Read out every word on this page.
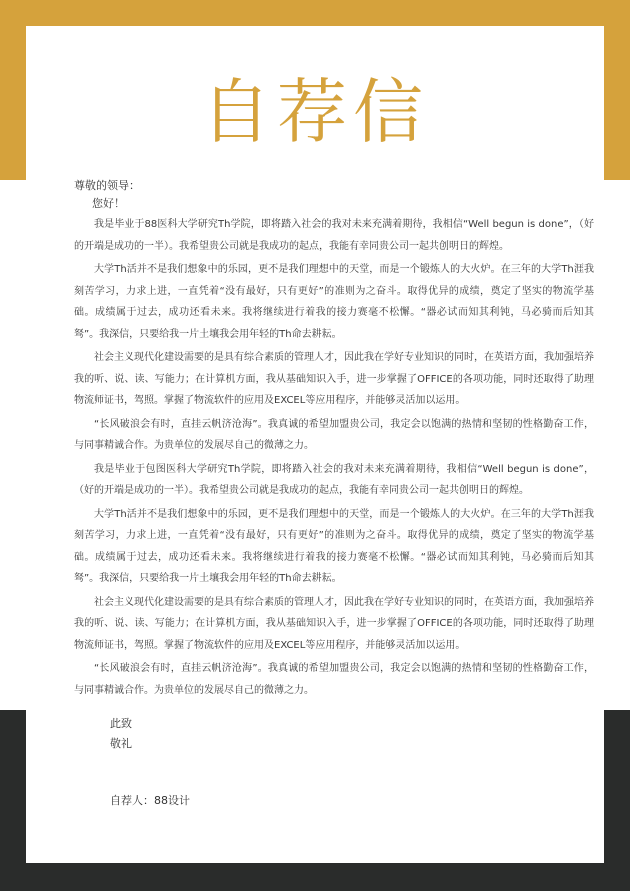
自荐信
尊敬的领导：
您好！

我是毕业于88医科大学研究Th学院，即将踏入社会的我对未来充满着期待，我相信“Well begun is done”，（好的开端是成功的一半）。我希望贵公司就是我成功的起点，我能有幸同贵公司一起共创明日的辉煌。

大学Th活并不是我们想象中的乐园，更不是我们理想中的天堂，而是一个锻炼人的大火炉。在三年的大学Th涯我刻苦学习，力求上进，一直凭着“没有最好，只有更好”的准则为之奋斗。取得优异的成绩，奠定了坚实的物流学基础。成绩属于过去，成功还看未来。我将继续进行着我的接力赛毫不松懈。“器必试而知其利钝，马必骑而后知其驽”。我深信，只要给我一片土壤我会用年轻的Th命去耕耘。

社会主义现代化建设需要的是具有综合素质的管理人才，因此我在学好专业知识的同时，在英语方面，我加强培养我的听、说、读、写能力；在计算机方面，我从基础知识入手，进一步掌握了OFFICE的各项功能，同时还取得了助理物流师证书，驾照。掌握了物流软件的应用及EXCEL等应用程序，并能够灵活加以运用。

“长风破浪会有时，直挂云帆济沧海”。我真诚的希望加盟贵公司，我定会以饱满的热情和坚韧的性格勤奋工作，与同事精诚合作。为贵单位的发展尽自己的微薄之力。

我是毕业于包图医科大学研究Th学院，即将踏入社会的我对未来充满着期待，我相信“Well begun is done”，（好的开端是成功的一半）。我希望贵公司就是我成功的起点，我能有幸同贵公司一起共创明日的辉煌。

大学Th活并不是我们想象中的乐园，更不是我们理想中的天堂，而是一个锻炼人的大火炉。在三年的大学Th涯我刻苦学习，力求上进，一直凭着“没有最好，只有更好”的准则为之奋斗。取得优异的成绩，奠定了坚实的物流学基础。成绩属于过去，成功还看未来。我将继续进行着我的接力赛毫不松懈。“器必试而知其利钝，马必骑而后知其驽”。我深信，只要给我一片土壤我会用年轻的Th命去耕耘。

社会主义现代化建设需要的是具有综合素质的管理人才，因此我在学好专业知识的同时，在英语方面，我加强培养我的听、说、读、写能力；在计算机方面，我从基础知识入手，进一步掌握了OFFICE的各项功能，同时还取得了助理物流师证书，驾照。掌握了物流软件的应用及EXCEL等应用程序，并能够灵活加以运用。

“长风破浪会有时，直挂云帆济沧海”。我真诚的希望加盟贵公司，我定会以饱满的热情和坚韧的性格勤奋工作，与同事精诚合作。为贵单位的发展尽自己的微薄之力。

此致
敬礼
自荐人：88设计
